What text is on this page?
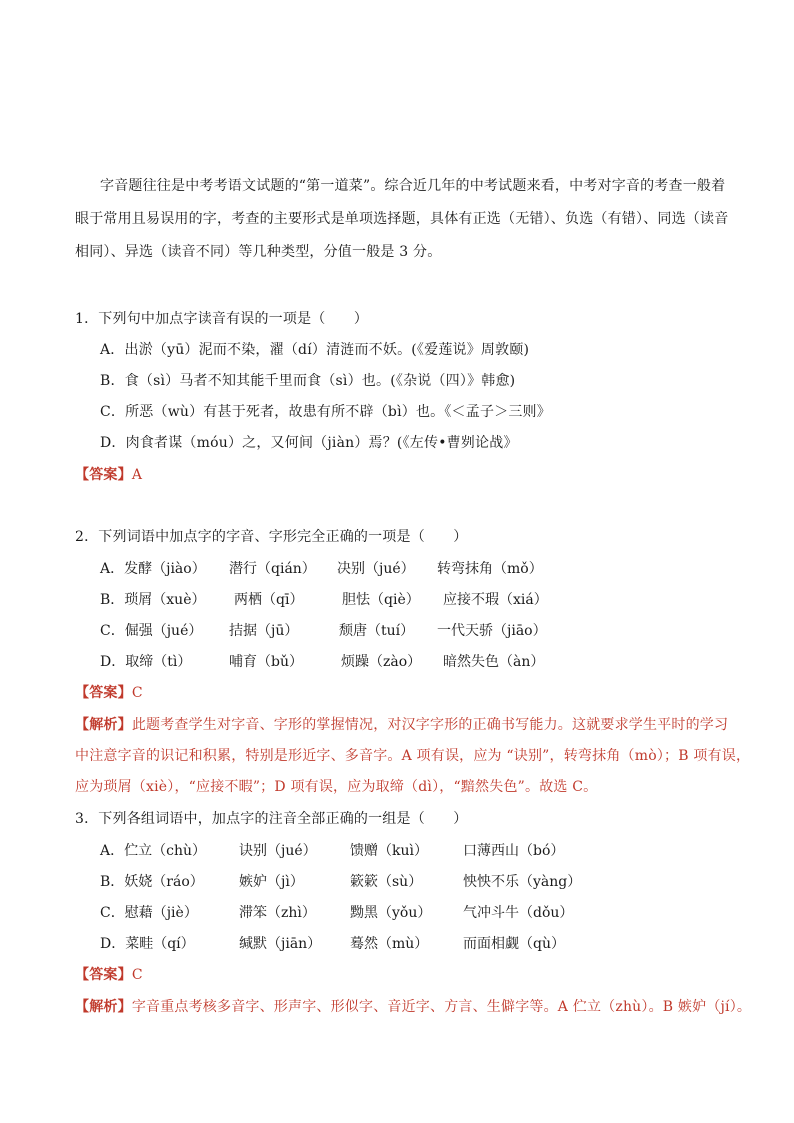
字音题往往是中考考语文试题的“第一道菜”。综合近几年的中考试题来看，中考对字音的考查一般着
眼于常用且易误用的字，考查的主要形式是单项选择题，具体有正选（无错）、负选（有错）、同选（读音
相同）、异选（读音不同）等几种类型，分值一般是 3 分。
1．下列句中加点字读音有误的一项是（　　）
A．出淤（yū）泥而不染，濯（dí）清涟而不妖。(《爱莲说》周敦颐)
B．食（sì）马者不知其能千里而食（sì）也。(《杂说（四）》韩愈)
C．所恶（wù）有甚于死者，故患有所不辟（bì）也。《＜孟子＞三则》
D．肉食者谋（móu）之，又何间（jiàn）焉？(《左传•曹刿论战》
【答案】A
2．下列词语中加点字的字音、字形完全正确的一项是（　　）
A．发酵（jiào） 潜行（qián） 决别（jué） 转弯抹角（mǒ）
B．琐屑（xuè） 两栖（qī）	胆怯（qiè） 应接不瑕（xiá）
C．倔强（jué） 拮据（jū）	颓唐（tuí） 一代天骄（jiāo）
D．取缔（tì）	哺育（bǔ）	烦躁（zào） 暗然失色（àn）
【答案】C
【解析】此题考查学生对字音、字形的掌握情况，对汉字字形的正确书写能力。这就要求学生平时的学习
中注意字音的识记和积累，特别是形近字、多音字。A 项有误，应为 “诀别”，转弯抹角（mò）；B 项有误，
应为琐屑（xiè），“应接不暇”；D 项有误，应为取缔（dì），“黯然失色”。故选 C。
3．下列各组词语中，加点字的注音全部正确的一组是（　　）
A．伫立（chù） 诀别（jué） 馈赠（kuì）	口薄西山（bó）
B．妖娆（ráo）	嫉妒（jì）	簌簌（sù）	怏怏不乐（yàng）
C．慰藉（jiè）	滞笨（zhì） 黝黑（yǒu） 气冲斗牛（dǒu）
D．菜畦（qí）	缄默（jiān） 蓦然（mù） 而面相觑（qù）
【答案】C
【解析】字音重点考核多音字、形声字、形似字、音近字、方言、生僻字等。A 伫立（zhù）。B 嫉妒（jí）。
